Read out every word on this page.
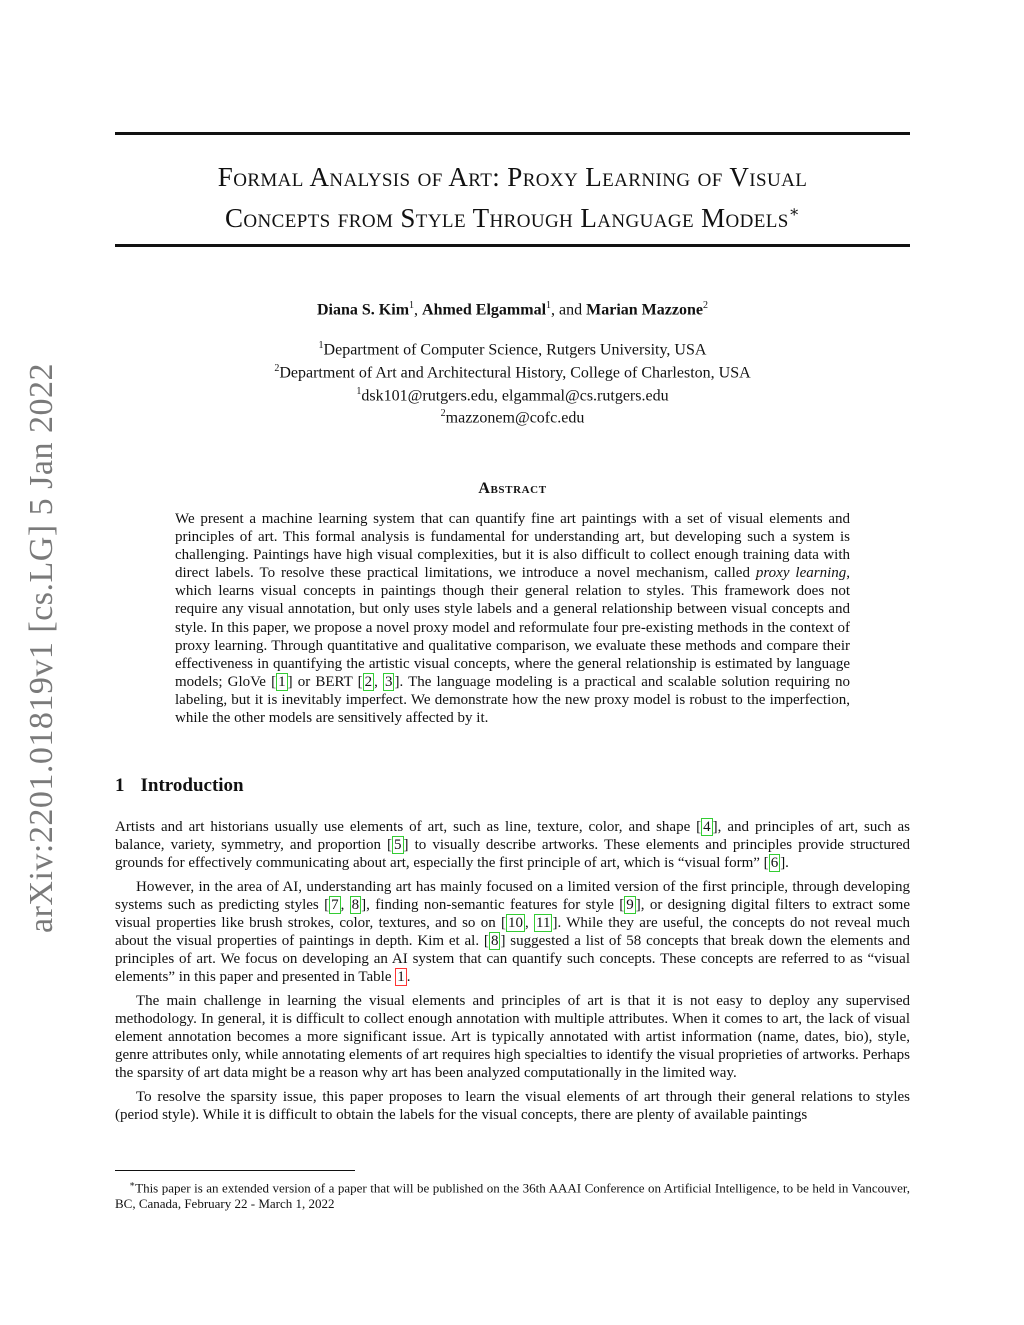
arXiv:2201.01819v1 [cs.LG] 5 Jan 2022
Formal Analysis of Art: Proxy Learning of Visual
Concepts from Style Through Language Models∗
Diana S. Kim$^1$, Ahmed Elgammal$^1$, and Marian Mazzone$^2$
$^1$Department of Computer Science, Rutgers University, USA
$^2$Department of Art and Architectural History, College of Charleston, USA
$^1$dsk101@rutgers.edu, elgammal@cs.rutgers.edu
$^2$mazzonem@cofc.edu
Abstract
We present a machine learning system that can quantify fine art paintings with a set of visual elements and principles of art. This formal analysis is fundamental for understanding art, but developing such a system is challenging. Paintings have high visual complexities, but it is also difficult to collect enough training data with direct labels. To resolve these practical limitations, we introduce a novel mechanism, called proxy learning, which learns visual concepts in paintings though their general relation to styles. This framework does not require any visual annotation, but only uses style labels and a general relationship between visual concepts and style. In this paper, we propose a novel proxy model and reformulate four pre-existing methods in the context of proxy learning. Through quantitative and qualitative comparison, we evaluate these methods and compare their effectiveness in quantifying the artistic visual concepts, where the general relationship is estimated by language models; GloVe [ 1 ] or BERT [ 2 , 3 ]. The language modeling is a practical and scalable solution requiring no labeling, but it is inevitably imperfect. We demonstrate how the new proxy model is robust to the imperfection, while the other models are sensitively affected by it.
1 Introduction

Artists and art historians usually use elements of art, such as line, texture, color, and shape [ 4 ], and principles of art, such as balance, variety, symmetry, and proportion [ 5 ] to visually describe artworks. These elements and principles provide structured grounds for effectively communicating about art, especially the first principle of art, which is “visual form” [ 6 ].

However, in the area of AI, understanding art has mainly focused on a limited version of the first principle, through developing systems such as predicting styles [ 7 , 8 ], finding non-semantic features for style [ 9 ], or designing digital filters to extract some visual properties like brush strokes, color, textures, and so on [ 10 , 11 ]. While they are useful, the concepts do not reveal much about the visual properties of paintings in depth. Kim et al. [ 8 ] suggested a list of 58 concepts that break down the elements and principles of art. We focus on developing an AI system that can quantify such concepts. These concepts are referred to as “visual elements” in this paper and presented in Table 1 .

The main challenge in learning the visual elements and principles of art is that it is not easy to deploy any supervised methodology. In general, it is difficult to collect enough annotation with multiple attributes. When it comes to art, the lack of visual element annotation becomes a more significant issue. Art is typically annotated with artist information (name, dates, bio), style, genre attributes only, while annotating elements of art requires high specialties to identify the visual proprieties of artworks. Perhaps the sparsity of art data might be a reason why art has been analyzed computationally in the limited way.

To resolve the sparsity issue, this paper proposes to learn the visual elements of art through their general relations to styles (period style). While it is difficult to obtain the labels for the visual concepts, there are plenty of available paintings

∗This paper is an extended version of a paper that will be published on the 36th AAAI Conference on Artificial Intelligence, to be held in Vancouver, BC, Canada, February 22 - March 1, 2022
